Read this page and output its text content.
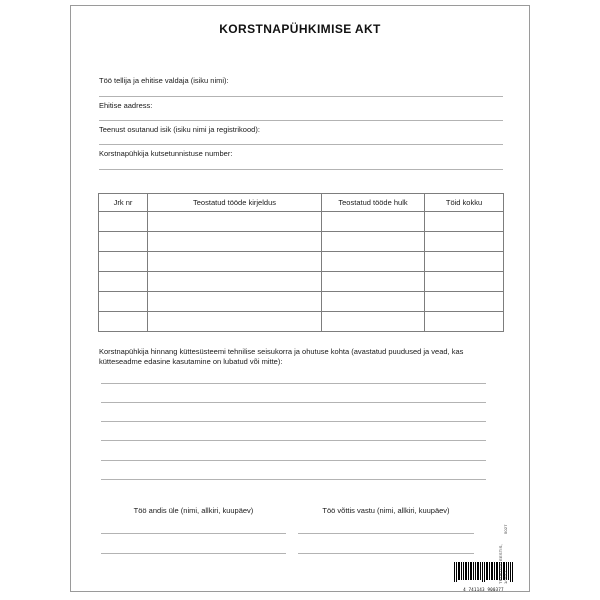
KORSTNAPÜHKIMISE AKT
Töö tellija ja ehitise valdaja (isiku nimi):
Ehitise aadress:
Teenust osutanud isik (isiku nimi ja registrikood):
Korstnapühkija kutsetunnistuse number:
Jrk nr	Teostatud tööde kirjeldus	Teostatud tööde hulk	Töid kokku

Korstnapühkija hinnang küttesüsteemi tehnilise seisukorra ja ohutuse kohta (avastatud puudused ja vead, kas kütteseadme edasine kasutamine on lubatud või mitte):
Töö andis üle (nimi, allkiri, kuupäev)	Töö võttis vastu (nimi, allkiri, kuupäev)
4 741143 900377
5027
TRÜKITUD EESTIS, 1/2017
